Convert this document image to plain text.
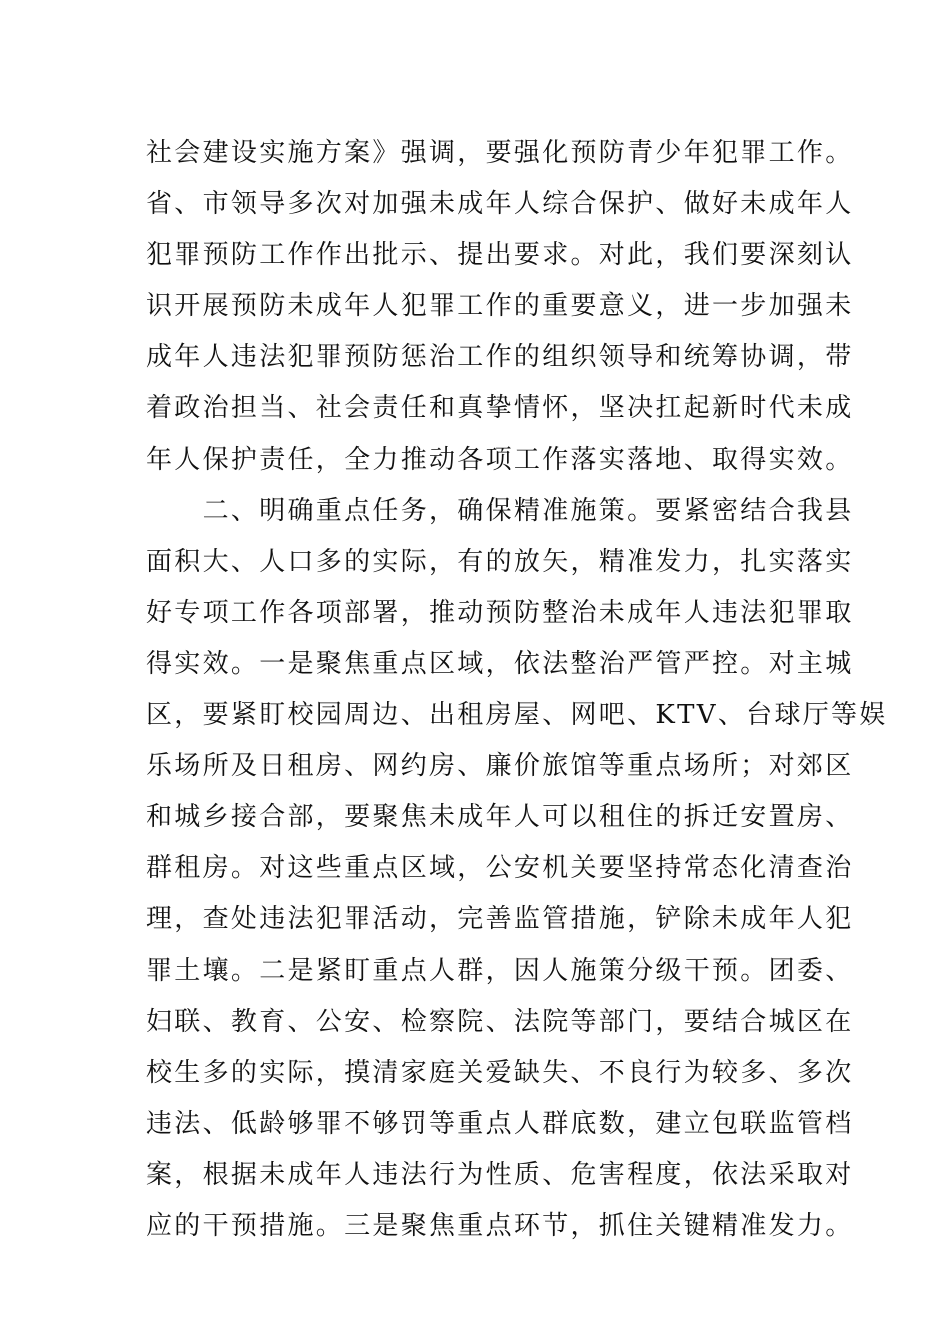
社会建设实施方案》强调，要强化预防青少年犯罪工作。
省、市领导多次对加强未成年人综合保护、做好未成年人
犯罪预防工作作出批示、提出要求。对此，我们要深刻认
识开展预防未成年人犯罪工作的重要意义，进一步加强未
成年人违法犯罪预防惩治工作的组织领导和统筹协调，带
着政治担当、社会责任和真挚情怀，坚决扛起新时代未成
年人保护责任，全力推动各项工作落实落地、取得实效。
　　二、明确重点任务，确保精准施策。要紧密结合我县
面积大、人口多的实际，有的放矢，精准发力，扎实落实
好专项工作各项部署，推动预防整治未成年人违法犯罪取
得实效。一是聚焦重点区域，依法整治严管严控。对主城
区，要紧盯校园周边、出租房屋、网吧、KTV、台球厅等娱
乐场所及日租房、网约房、廉价旅馆等重点场所；对郊区
和城乡接合部，要聚焦未成年人可以租住的拆迁安置房、
群租房。对这些重点区域，公安机关要坚持常态化清查治
理，查处违法犯罪活动，完善监管措施，铲除未成年人犯
罪土壤。二是紧盯重点人群，因人施策分级干预。团委、
妇联、教育、公安、检察院、法院等部门，要结合城区在
校生多的实际，摸清家庭关爱缺失、不良行为较多、多次
违法、低龄够罪不够罚等重点人群底数，建立包联监管档
案，根据未成年人违法行为性质、危害程度，依法采取对
应的干预措施。三是聚焦重点环节，抓住关键精准发力。
